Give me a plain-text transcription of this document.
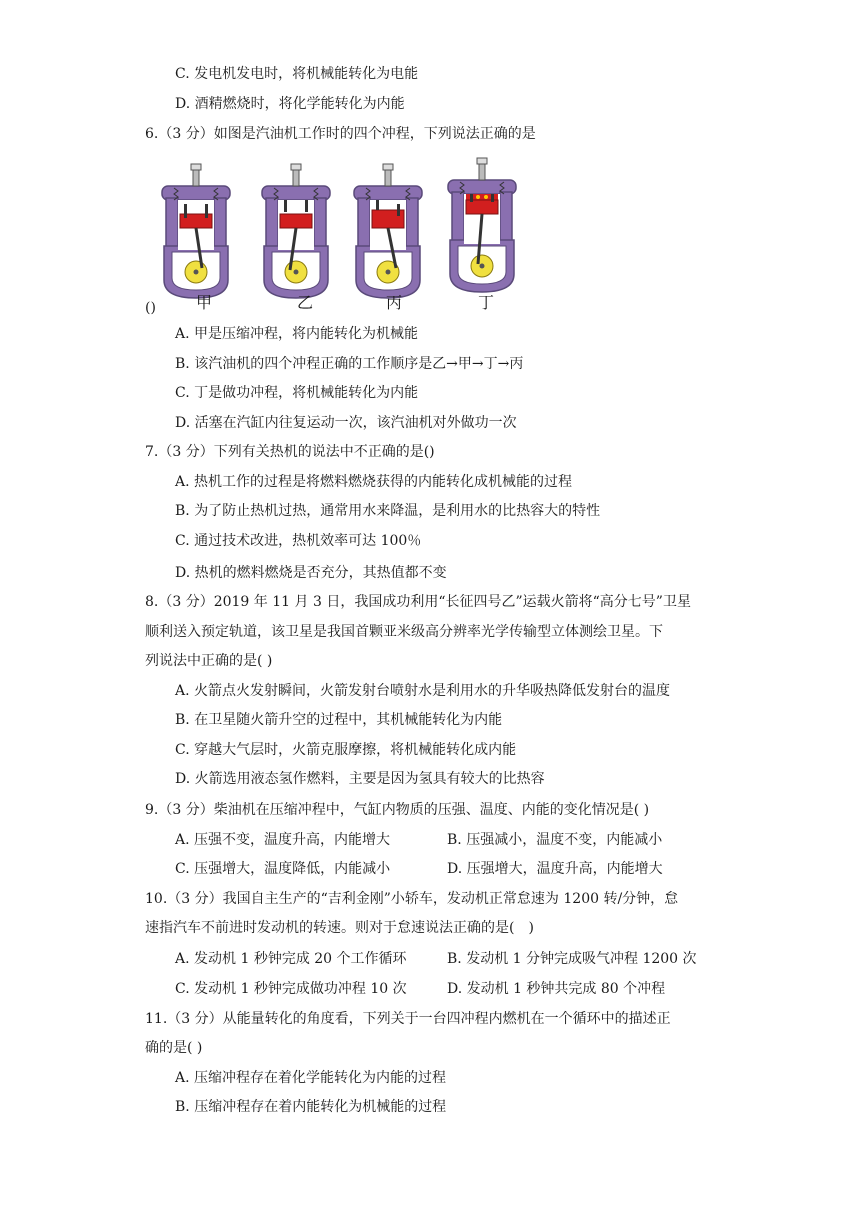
C. 发电机发电时，将机械能转化为电能
D. 酒精燃烧时，将化学能转化为内能
6.（3 分）如图是汽油机工作时的四个冲程，下列说法正确的是
甲	乙	丙	丁
()
A. 甲是压缩冲程，将内能转化为机械能
B. 该汽油机的四个冲程正确的工作顺序是乙→甲→丁→丙
C. 丁是做功冲程，将机械能转化为内能
D. 活塞在汽缸内往复运动一次，该汽油机对外做功一次
7.（3 分）下列有关热机的说法中不正确的是()
A. 热机工作的过程是将燃料燃烧获得的内能转化成机械能的过程
B. 为了防止热机过热，通常用水来降温，是利用水的比热容大的特性
C. 通过技术改进，热机效率可达 100％
D. 热机的燃料燃烧是否充分，其热值都不变
8.（3 分）2019 年 11 月 3 日，我国成功利用“长征四号乙”运载火箭将“高分七号”卫星
顺利送入预定轨道，该卫星是我国首颗亚米级高分辨率光学传输型立体测绘卫星。下
列说法中正确的是( )
A. 火箭点火发射瞬间，火箭发射台喷射水是利用水的升华吸热降低发射台的温度
B. 在卫星随火箭升空的过程中，其机械能转化为内能
C. 穿越大气层时，火箭克服摩擦，将机械能转化成内能
D. 火箭选用液态氢作燃料，主要是因为氢具有较大的比热容
9.（3 分）柴油机在压缩冲程中，气缸内物质的压强、温度、内能的变化情况是( )
A. 压强不变，温度升高，内能增大	B. 压强减小，温度不变，内能减小
C. 压强增大，温度降低，内能减小	D. 压强增大，温度升高，内能增大
10.（3 分）我国自主生产的“吉利金刚”小轿车，发动机正常怠速为 1200 转/分钟，怠
速指汽车不前进时发动机的转速。则对于怠速说法正确的是(　)
A. 发动机 1 秒钟完成 20 个工作循环	B. 发动机 1 分钟完成吸气冲程 1200 次
C. 发动机 1 秒钟完成做功冲程 10 次	D. 发动机 1 秒钟共完成 80 个冲程
11.（3 分）从能量转化的角度看，下列关于一台四冲程内燃机在一个循环中的描述正
确的是( )
A. 压缩冲程存在着化学能转化为内能的过程
B. 压缩冲程存在着内能转化为机械能的过程
